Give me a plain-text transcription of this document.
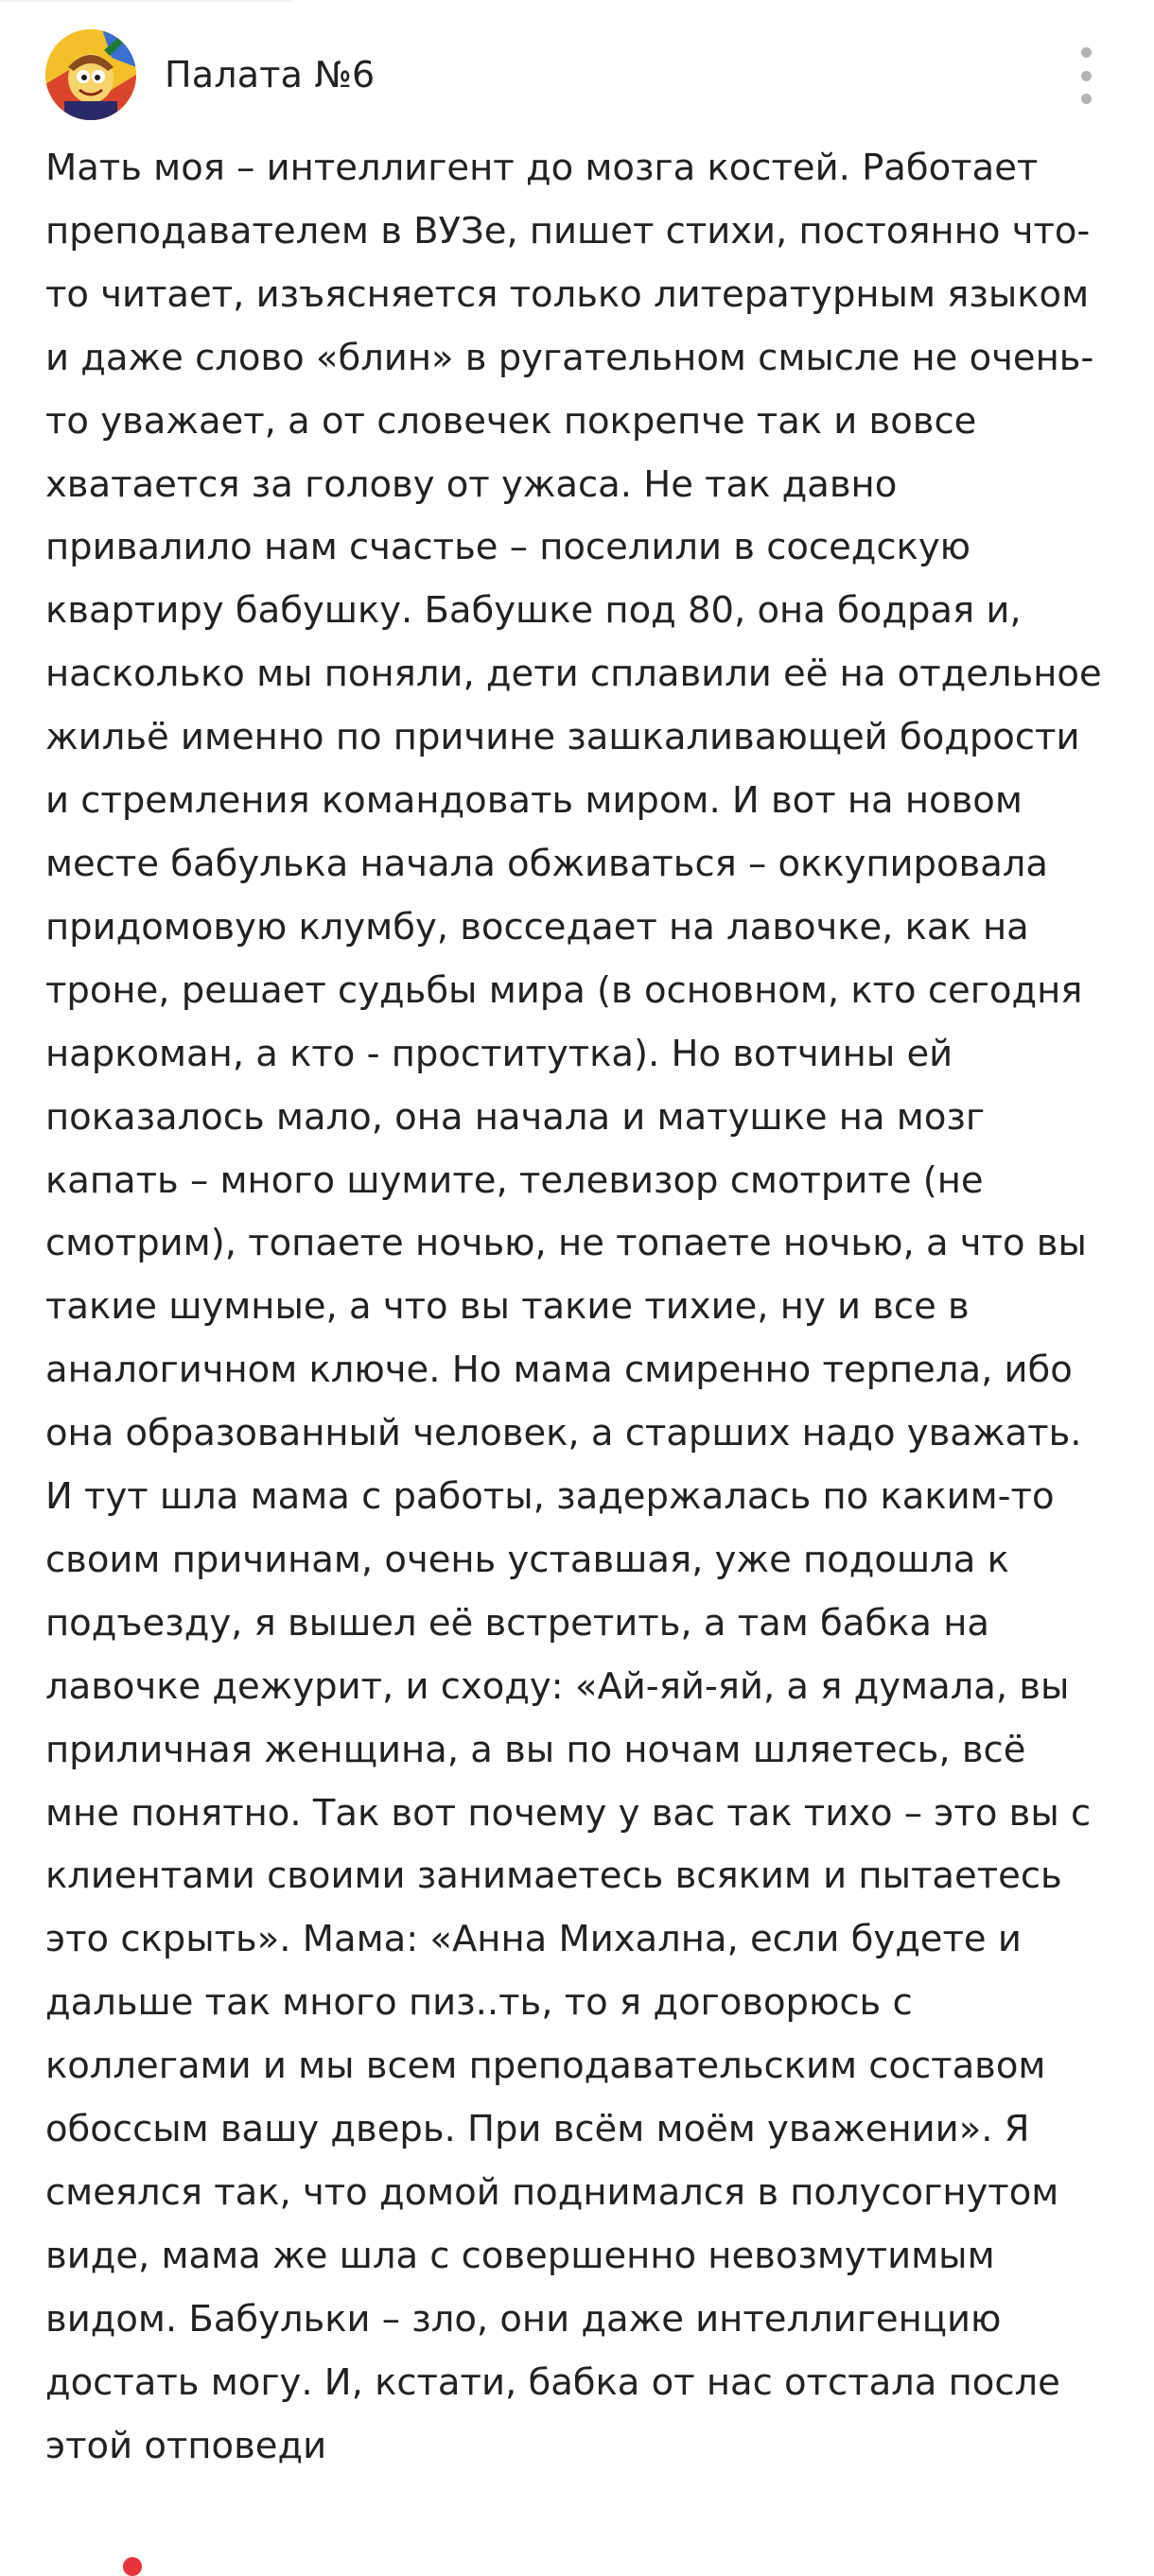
Палата №6
Мать моя – интеллигент до мозга костей. Работает преподавателем в ВУЗе, пишет стихи, постоянно что-то читает, изъясняется только литературным языком и даже слово «блин» в ругательном смысле не очень-то уважает, а от словечек покрепче так и вовсе хватается за голову от ужаса. Не так давно привалило нам счастье – поселили в соседскую квартиру бабушку. Бабушке под 80, она бодрая и, насколько мы поняли, дети сплавили её на отдельное жильё именно по причине зашкаливающей бодрости и стремления командовать миром. И вот на новом месте бабулька начала обживаться – оккупировала придомовую клумбу, восседает на лавочке, как на троне, решает судьбы мира (в основном, кто сегодня наркоман, а кто - проститутка). Но вотчины ей показалось мало, она начала и матушке на мозг капать – много шумите, телевизор смотрите (не смотрим), топаете ночью, не топаете ночью, а что вы такие шумные, а что вы такие тихие, ну и все в аналогичном ключе. Но мама смиренно терпела, ибо она образованный человек, а старших надо уважать. И тут шла мама с работы, задержалась по каким-то своим причинам, очень уставшая, уже подошла к подъезду, я вышел её встретить, а там бабка на лавочке дежурит, и сходу: «Ай-яй-яй, а я думала, вы приличная женщина, а вы по ночам шляетесь, всё мне понятно. Так вот почему у вас так тихо – это вы с клиентами своими занимаетесь всяким и пытаетесь это скрыть». Мама: «Анна Михална, если будете и дальше так много пиз..ть, то я договорюсь с коллегами и мы всем преподавательским составом обоссым вашу дверь. При всём моём уважении». Я смеялся так, что домой поднимался в полусогнутом виде, мама же шла с совершенно невозмутимым видом. Бабульки – зло, они даже интеллигенцию достать могу. И, кстати, бабка от нас отстала после этой отповеди
